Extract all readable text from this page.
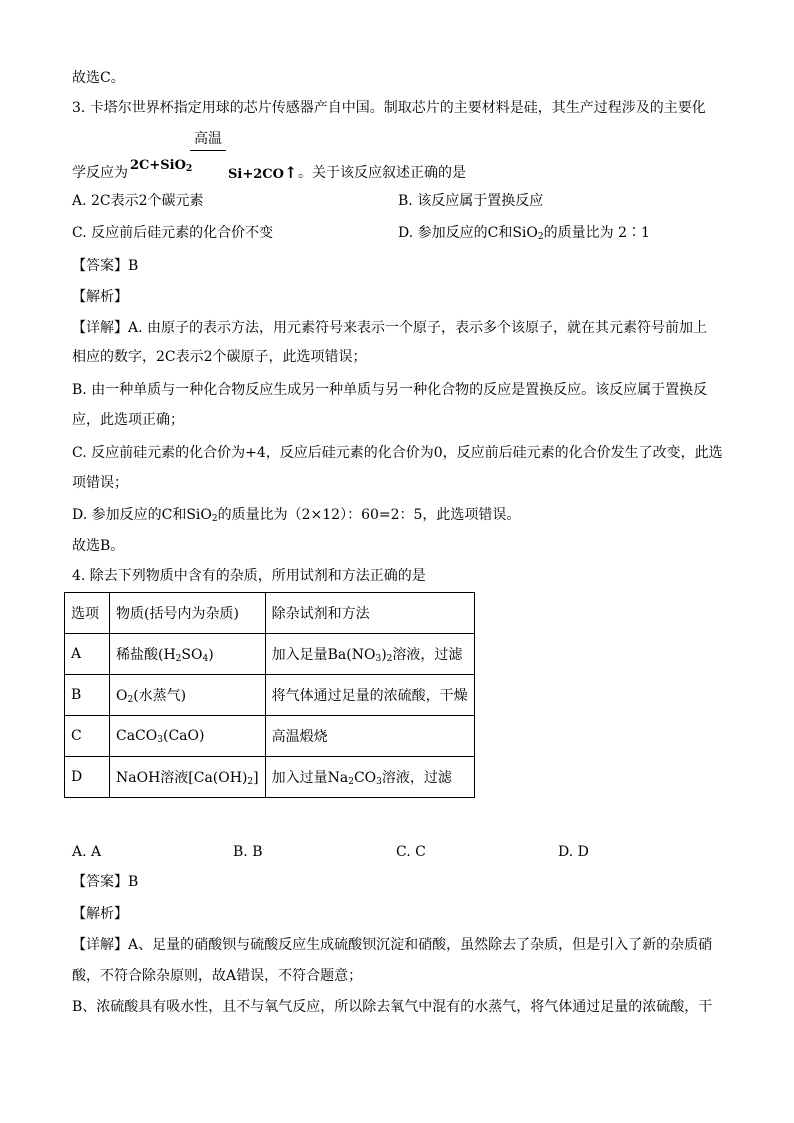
故选C。
3. 卡塔尔世界杯指定用球的芯片传感器产自中国。制取芯片的主要材料是硅，其生产过程涉及的主要化
高温
学反应为 2C+SiO$_2$	Si+2CO↑ 。关于该反应叙述正确的是
A. 2C表示2个碳元素	B. 该反应属于置换反应
C. 反应前后硅元素的化合价不变	D. 参加反应的C和SiO$_2$的质量比为 2∶1
【答案】B
【解析】
【详解】A. 由原子的表示方法，用元素符号来表示一个原子，表示多个该原子，就在其元素符号前加上
相应的数字，2C表示2个碳原子，此选项错误；
B. 由一种单质与一种化合物反应生成另一种单质与另一种化合物的反应是置换反应。该反应属于置换反
应，此选项正确；
C. 反应前硅元素的化合价为+4，反应后硅元素的化合价为0，反应前后硅元素的化合价发生了改变，此选
项错误；
D. 参加反应的C和SiO$_2$的质量比为（2×12）：60=2：5，此选项错误。
故选B。
4. 除去下列物质中含有的杂质，所用试剂和方法正确的是
选项	物质(括号内为杂质)	除杂试剂和方法
A	稀盐酸$(H_2SO_4)$	加入足量$Ba(NO_3)_2$溶液，过滤
B	$O_2$(水蒸气)	将气体通过足量的浓硫酸，干燥
C	CaCO$_3$(CaO)	高温煅烧
D	NaOH溶液$[Ca(OH)_2]$	加入过量$Na_2CO_3$溶液，过滤
A. A	B. B	C. C	D. D
【答案】B
【解析】
【详解】A、足量的硝酸钡与硫酸反应生成硫酸钡沉淀和硝酸，虽然除去了杂质，但是引入了新的杂质硝
酸，不符合除杂原则，故A错误，不符合题意；
B、浓硫酸具有吸水性，且不与氧气反应，所以除去氧气中混有的水蒸气，将气体通过足量的浓硫酸，干
